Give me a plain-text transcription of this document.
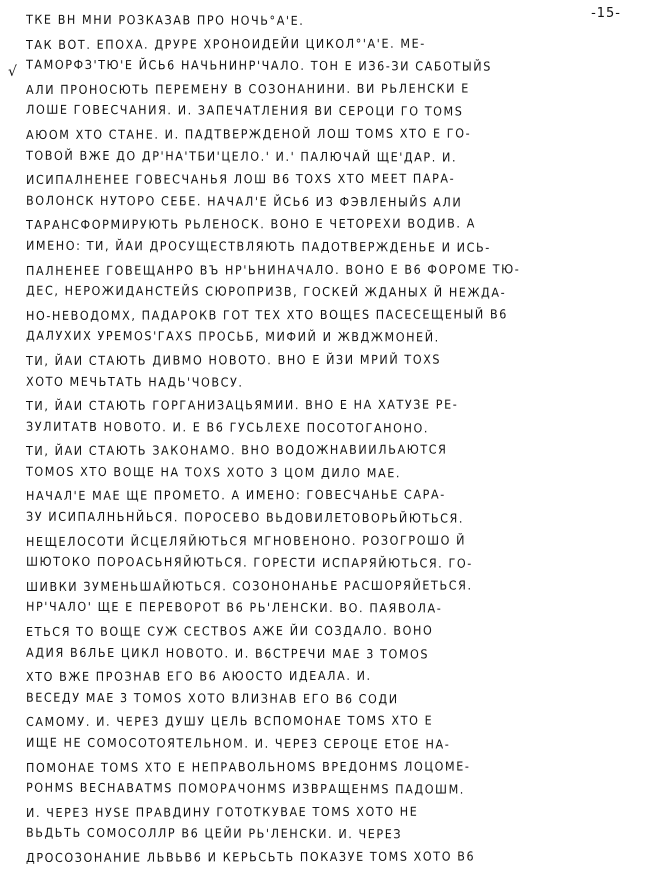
-15-
√
ТКЕ ВН МНИ РОЗКАЗАВ ПРО НОЧЬ°А'Е.
ТАК ВОТ. ЕПОХА. ДРУРЕ ХРОНОИДЕЙИ ЦИКОЛ°'А'Е. МЕ-
ТАМОРФЗ'ТЮ'Е ЙСЬ6 НАЧЬНИНР'ЧАЛО. ТОН Е ИЗ6-ЗИ САБОТЫЙS
АЛИ ПРОНОСЮТЬ ПЕРЕМЕНУ В СОЗОНАНИНИ. ВИ РЬЛЕНСКИ Е
ЛОШЕ ГОВЕСЧАНИЯ. И. ЗАПЕЧАТЛЕНИЯ ВИ СЕРОЦИ ГО ТОМS
АЮОМ ХТО СТАНЕ. И. ПАДТВЕРЖДЕНОЙ ЛОШ ТОМS ХТО Е ГО-
ТОВОЙ ВЖЕ ДО ДР'НА'ТБИ'ЦЕЛО.' И.' ПАЛЮЧАЙ ЩЕ'ДАР. И.
ИСИПАЛНЕНЕЕ ГОВЕСЧАНЬЯ ЛОШ В6 ТОХS ХТО МЕЕТ ПАРА-
ВОЛОНСК НУТОРО СЕБЕ. НАЧАЛ'Е ЙСЬ6 ИЗ ФЭВЛЕНЫЙS АЛИ
ТАРАНСФОРМИРУЮТЬ РЬЛЕНОСК. ВОНО Е ЧЕТОРЕХИ ВОДИВ. А
ИМЕНО: ТИ, ЙАИ ДРОСУЩЕСТВЛЯЮТЬ ПАДОТВЕРЖДЕНЬЕ И ИСЬ-
ПАЛНЕНЕЕ ГОВЕЩАНРО ВЪ НР'ЬНИНАЧАЛО. ВОНО Е В6 ФОРОМЕ ТЮ-
ДЕС, НЕРОЖИДАНСТЕЙS СЮРОПРИЗВ, ГОСКЕЙ ЖДАНЫХ Й НЕЖДА-
НО-НЕВОДОМХ, ПАДАРОКВ ГОТ ТЕХ ХТО ВОЩЕS ПАСЕСЕЩЕНЫЙ В6
ДАЛУХИХ УРЕМОS'ГАХS ПРОСЬБ, МИФИЙ И ЖВДЖМОНЕЙ.
ТИ, ЙАИ СТАЮТЬ ДИВМО НОВОТО. ВНО Е ЙЗИ МРИЙ ТОХS
ХОТО МЕЧЬТАТЬ НАДЬ'ЧОВСУ.
ТИ, ЙАИ СТАЮТЬ ГОРГАНИЗАЦЬЯМИИ. ВНО Е НА ХАТУЗЕ РЕ-
ЗУЛИТАТВ НОВОТО. И. Е В6 ГУСЬЛЕХЕ ПОСОТОГАНОНО.
ТИ, ЙАИ СТАЮТЬ ЗАКОНАМО. ВНО ВОДОЖНАВИИЛЬАЮТСЯ
ТОМОS ХТО ВОЩЕ НА ТОХS ХОТО 3 ЦОМ ДИЛО МАЕ.
НАЧАЛ'Е МАЕ ЩЕ ПРОМЕТО. А ИМЕНО: ГОВЕСЧАНЬЕ САРА-
ЗУ ИСИПАЛНЬНЙЬСЯ. ПОРОСЕВО ВЬДОВИЛЕТОВОРЬЙЮТЬСЯ.
НЕЩЕЛОСОТИ ЙСЦЕЛЯЙЮТЬСЯ МГНОВЕНОНО. РОЗОГРОШО Й
ШЮТОКО ПОРОАСЬНЯЙЮТЬСЯ. ГОРЕСТИ ИСПАРЯЙЮТЬСЯ. ГО-
ШИВКИ ЗУМЕНЬШАЙЮТЬСЯ. СОЗОНОНАНЬЕ РАСШОРЯЙЕТЬСЯ.
НР'ЧАЛО' ЩЕ Е ПЕРЕВОРОТ В6 РЬ'ЛЕНСКИ. ВО. ПАЯВОЛА-
ЕТЬСЯ ТО ВОЩЕ СУЖ СЕСТВОS АЖЕ ЙИ СОЗДАЛО. ВОНО
АДИЯ В6ЛЬЕ ЦИКЛ НОВОТО. И. В6СТРЕЧИ МАЕ 3 ТОМОS
ХТО ВЖЕ ПРОЗНАВ ЕГО В6 АЮОСТО ИДЕАЛА. И.
ВЕСЕДУ МАЕ 3 ТОМОS ХОТО ВЛИЗНАВ ЕГО В6 СОДИ
САМОМУ. И. ЧЕРЕЗ ДУШУ ЦЕЛЬ ВСПОМОНАЕ ТОМS ХТО Е
ИЩЕ НЕ СОМОСОТОЯТЕЛЬНОМ. И. ЧЕРЕЗ СЕРОЦЕ ЕТОЕ НА-
ПОМОНАЕ ТОМS ХТО Е НЕПРАВОЛЬНОМS ВРЕДОНМS ЛОЦОМЕ-
РОНМS ВЕСНАВАТМS ПОМОРАЧОНМS ИЗВРАЩЕНМS ПАДОШМ.
И. ЧЕРЕЗ НУSЕ ПРАВДИНУ ГОТОТКУВАЕ ТОМS ХОТО НЕ
ВЬДЬТЬ СОМОСОЛЛР В6 ЦЕЙИ РЬ'ЛЕНСКИ. И. ЧЕРЕЗ
ДРОСОЗОНАНИЕ ЛЬВЬВ6 И КЕРЬСЬТЬ ПОКАЗУЕ ТОМS ХОТО В6
